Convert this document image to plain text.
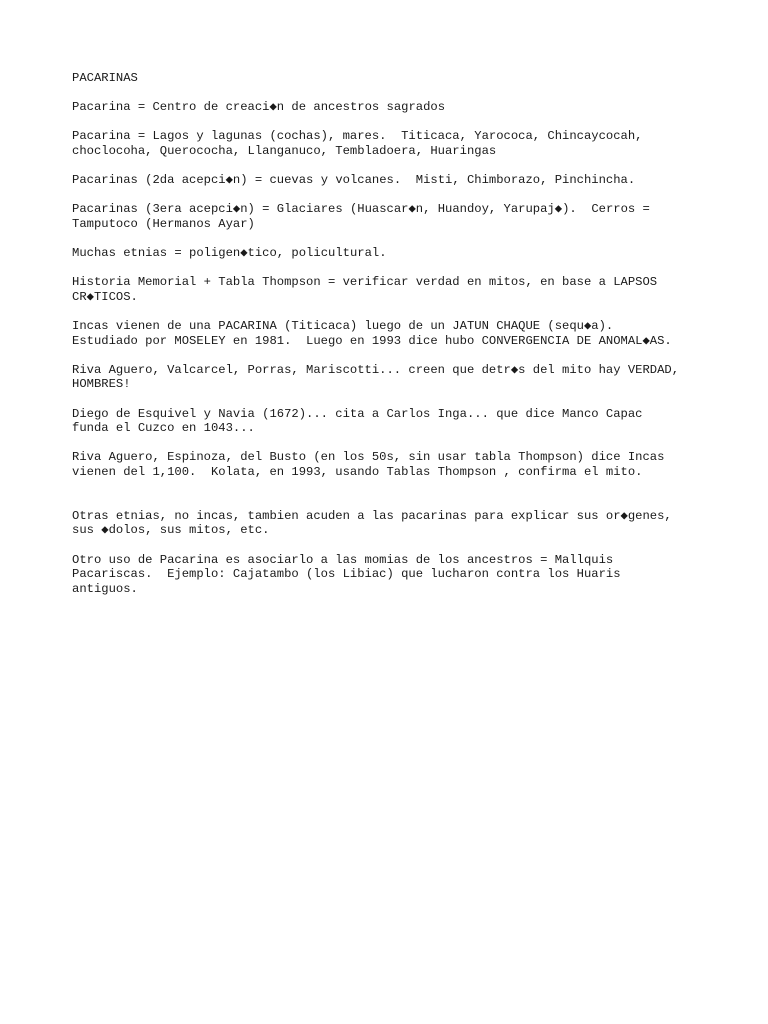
PACARINAS
Pacarina = Centro de creaci◆n de ancestros sagrados
Pacarina = Lagos y lagunas (cochas), mares.  Titicaca, Yarococa, Chincaycocah,
choclocoha, Querococha, Llanganuco, Tembladoera, Huaringas
Pacarinas (2da acepci◆n) = cuevas y volcanes.  Misti, Chimborazo, Pinchincha.
Pacarinas (3era acepci◆n) = Glaciares (Huascar◆n, Huandoy, Yarupaj◆).  Cerros =
Tamputoco (Hermanos Ayar)
Muchas etnias = poligen◆tico, policultural.
Historia Memorial + Tabla Thompson = verificar verdad en mitos, en base a LAPSOS
CR◆TICOS.
Incas vienen de una PACARINA (Titicaca) luego de un JATUN CHAQUE (sequ◆a).
Estudiado por MOSELEY en 1981.  Luego en 1993 dice hubo CONVERGENCIA DE ANOMAL◆AS.
Riva Aguero, Valcarcel, Porras, Mariscotti... creen que detr◆s del mito hay VERDAD,
HOMBRES!
Diego de Esquivel y Navia (1672)... cita a Carlos Inga... que dice Manco Capac
funda el Cuzco en 1043...
Riva Aguero, Espinoza, del Busto (en los 50s, sin usar tabla Thompson) dice Incas
vienen del 1,100.  Kolata, en 1993, usando Tablas Thompson , confirma el mito.
Otras etnias, no incas, tambien acuden a las pacarinas para explicar sus or◆genes,
sus ◆dolos, sus mitos, etc.
Otro uso de Pacarina es asociarlo a las momias de los ancestros = Mallquis
Pacariscas.  Ejemplo: Cajatambo (los Libiac) que lucharon contra los Huaris
antiguos.
